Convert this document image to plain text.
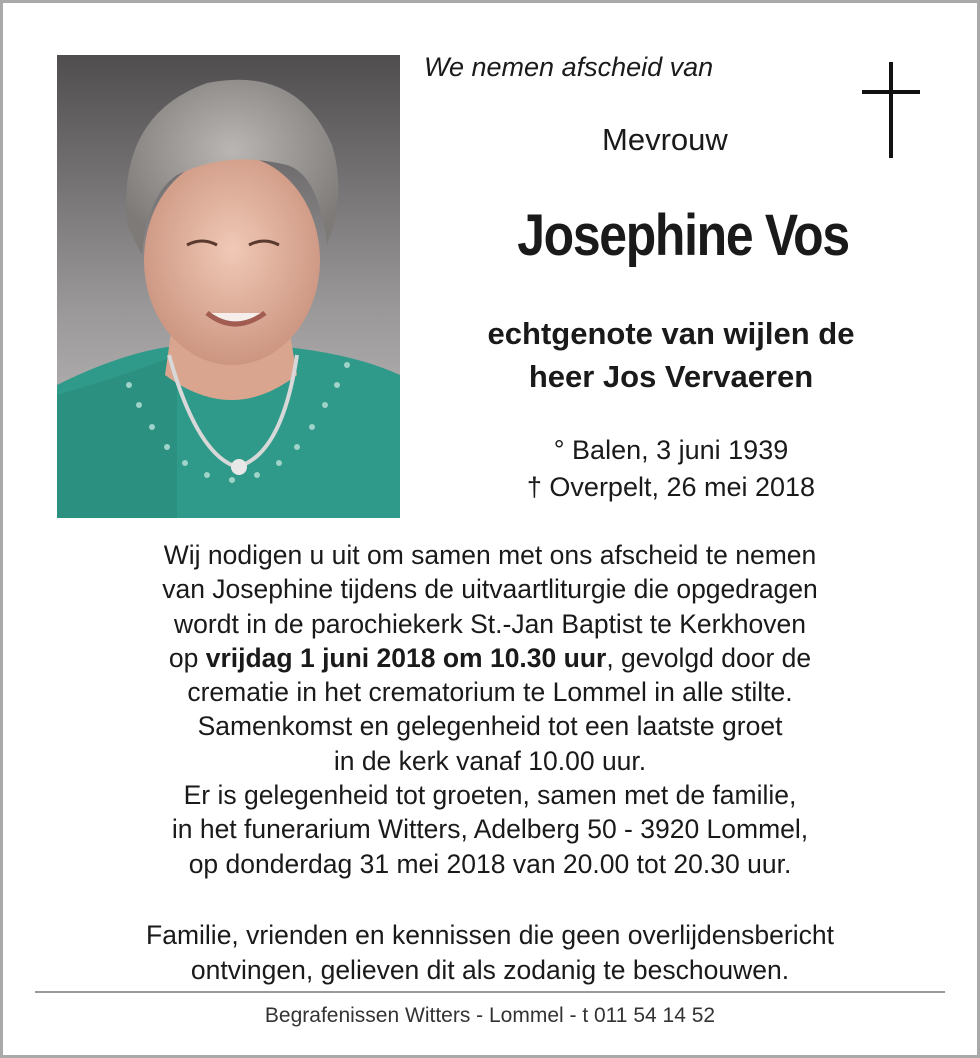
We nemen afscheid van
Mevrouw
Josephine Vos
echtgenote van wijlen de
heer Jos Vervaeren
° Balen, 3 juni 1939
† Overpelt, 26 mei 2018
Wij nodigen u uit om samen met ons afscheid te nemen
van Josephine tijdens de uitvaartliturgie die opgedragen
wordt in de parochiekerk St.-Jan Baptist te Kerkhoven
op vrijdag 1 juni 2018 om 10.30 uur, gevolgd door de
crematie in het crematorium te Lommel in alle stilte.
Samenkomst en gelegenheid tot een laatste groet
in de kerk vanaf 10.00 uur.
Er is gelegenheid tot groeten, samen met de familie,
in het funerarium Witters, Adelberg 50 - 3920 Lommel,
op donderdag 31 mei 2018 van 20.00 tot 20.30 uur.
Familie, vrienden en kennissen die geen overlijdensbericht
ontvingen, gelieven dit als zodanig te beschouwen.
Begrafenissen Witters - Lommel - t 011 54 14 52
